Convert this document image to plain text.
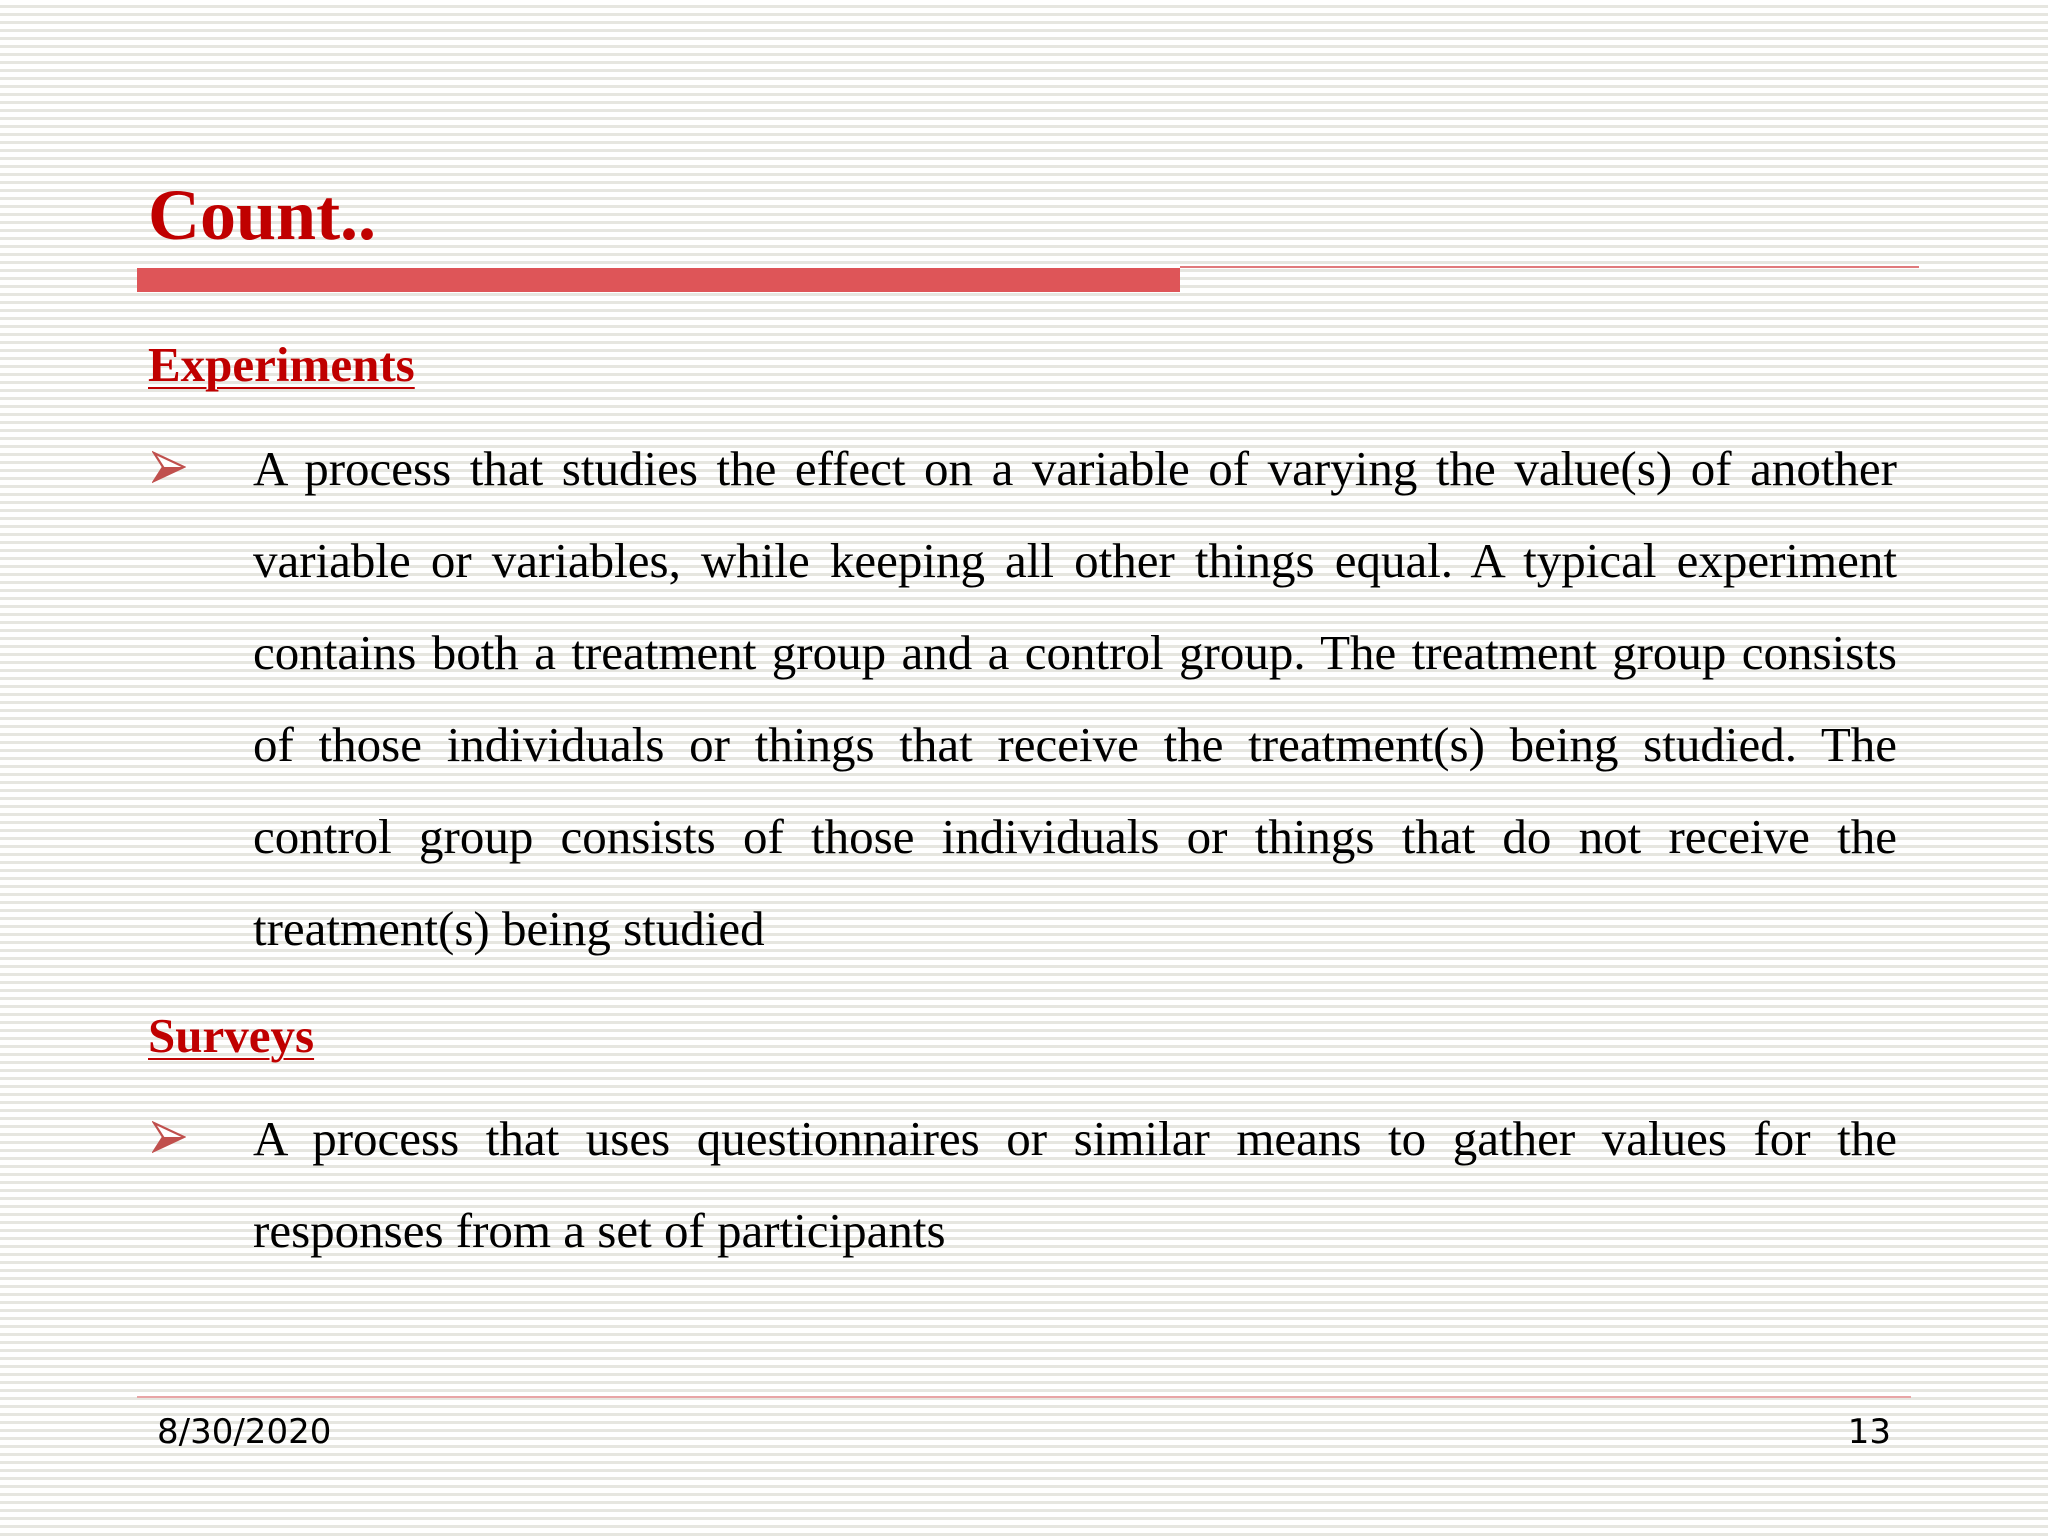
Count..
Experiments

A process that studies the effect on a variable of varying the value(s) of another variable or variables, while keeping all other things equal. A typical experiment contains both a treatment group and a control group. The treatment group consists of those individuals or things that receive the treatment(s) being studied. The control group consists of those individuals or things that do not receive the treatment(s) being studied

Surveys

A process that uses questionnaires or similar means to gather values for the responses from a set of participants

8/30/2020	13
